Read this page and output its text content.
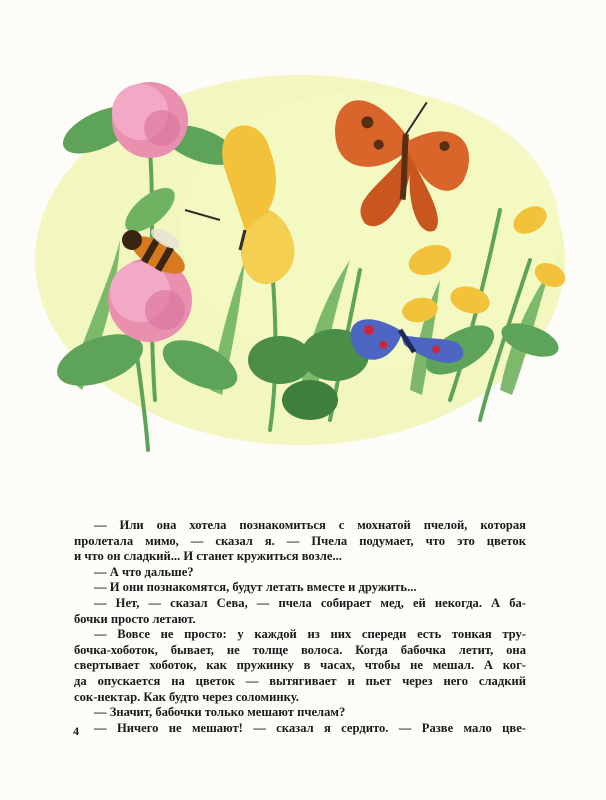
— Или она хотела познакомиться с мохнатой пчелой, которая
пролетала мимо, — сказал я. — Пчела подумает, что это цветок
и что он сладкий... И станет кружиться возле...
— А что дальше?
— И они познакомятся, будут летать вместе и дружить...
— Нет, — сказал Сева, — пчела собирает мед, ей некогда. А ба-
бочки просто летают.
— Вовсе не просто: у каждой из них спереди есть тонкая тру-
бочка-хоботок, бывает, не толще волоса. Когда бабочка летит, она
свертывает хоботок, как пружинку в часах, чтобы не мешал. А ког-
да опускается на цветок — вытягивает и пьет через него сладкий
сок-нектар. Как будто через соломинку.
— Значит, бабочки только мешают пчелам?
— Ничего не мешают! — сказал я сердито. — Разве мало цве-
4
